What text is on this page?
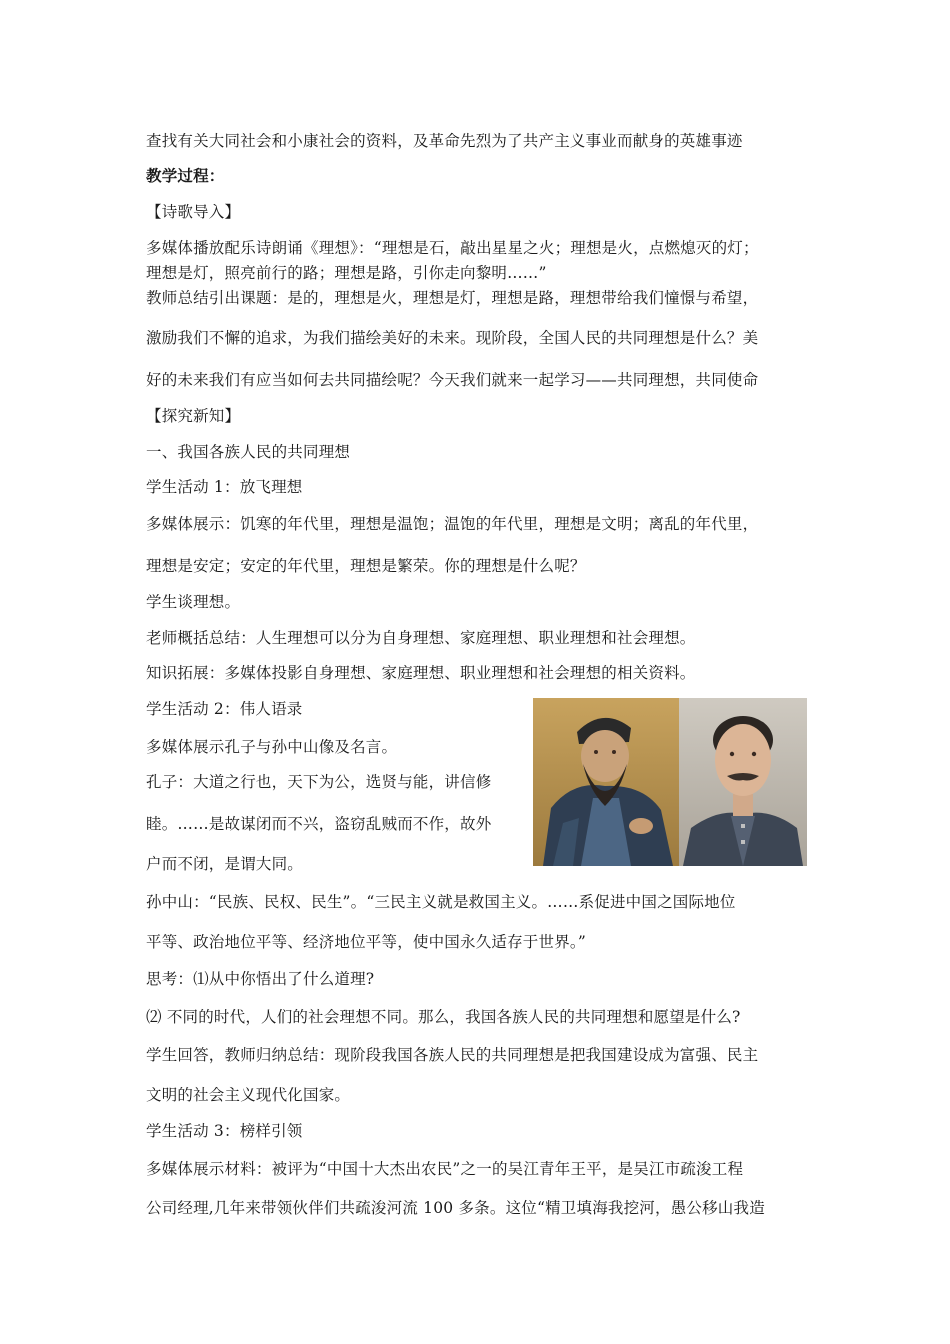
查找有关大同社会和小康社会的资料，及革命先烈为了共产主义事业而献身的英雄事迹
教学过程：
【诗歌导入】
多媒体播放配乐诗朗诵《理想》：“理想是石，敲出星星之火；理想是火，点燃熄灭的灯；
理想是灯，照亮前行的路；理想是路，引你走向黎明……”
教师总结引出课题：是的，理想是火，理想是灯，理想是路，理想带给我们憧憬与希望，
激励我们不懈的追求，为我们描绘美好的未来。现阶段，全国人民的共同理想是什么？美
好的未来我们有应当如何去共同描绘呢？今天我们就来一起学习——共同理想，共同使命
【探究新知】
一、我国各族人民的共同理想
学生活动 1：放飞理想
多媒体展示：饥寒的年代里，理想是温饱；温饱的年代里，理想是文明；离乱的年代里，
理想是安定；安定的年代里，理想是繁荣。你的理想是什么呢？
学生谈理想。
老师概括总结：人生理想可以分为自身理想、家庭理想、职业理想和社会理想。
知识拓展：多媒体投影自身理想、家庭理想、职业理想和社会理想的相关资料。
学生活动 2：伟人语录
多媒体展示孔子与孙中山像及名言。
孔子：大道之行也，天下为公，选贤与能，讲信修
睦。……是故谋闭而不兴，盗窃乱贼而不作，故外
户而不闭，是谓大同。
孙中山：“民族、民权、民生”。“三民主义就是救国主义。……系促进中国之国际地位
平等、政治地位平等、经济地位平等，使中国永久适存于世界。”
思考：⑴从中你悟出了什么道理?
⑵ 不同的时代，人们的社会理想不同。那么，我国各族人民的共同理想和愿望是什么?
学生回答，教师归纳总结：现阶段我国各族人民的共同理想是把我国建设成为富强、民主
文明的社会主义现代化国家。
学生活动 3：榜样引领
多媒体展示材料：被评为“中国十大杰出农民”之一的吴江青年王平，是吴江市疏浚工程
公司经理,几年来带领伙伴们共疏浚河流 100 多条。这位“精卫填海我挖河，愚公移山我造
